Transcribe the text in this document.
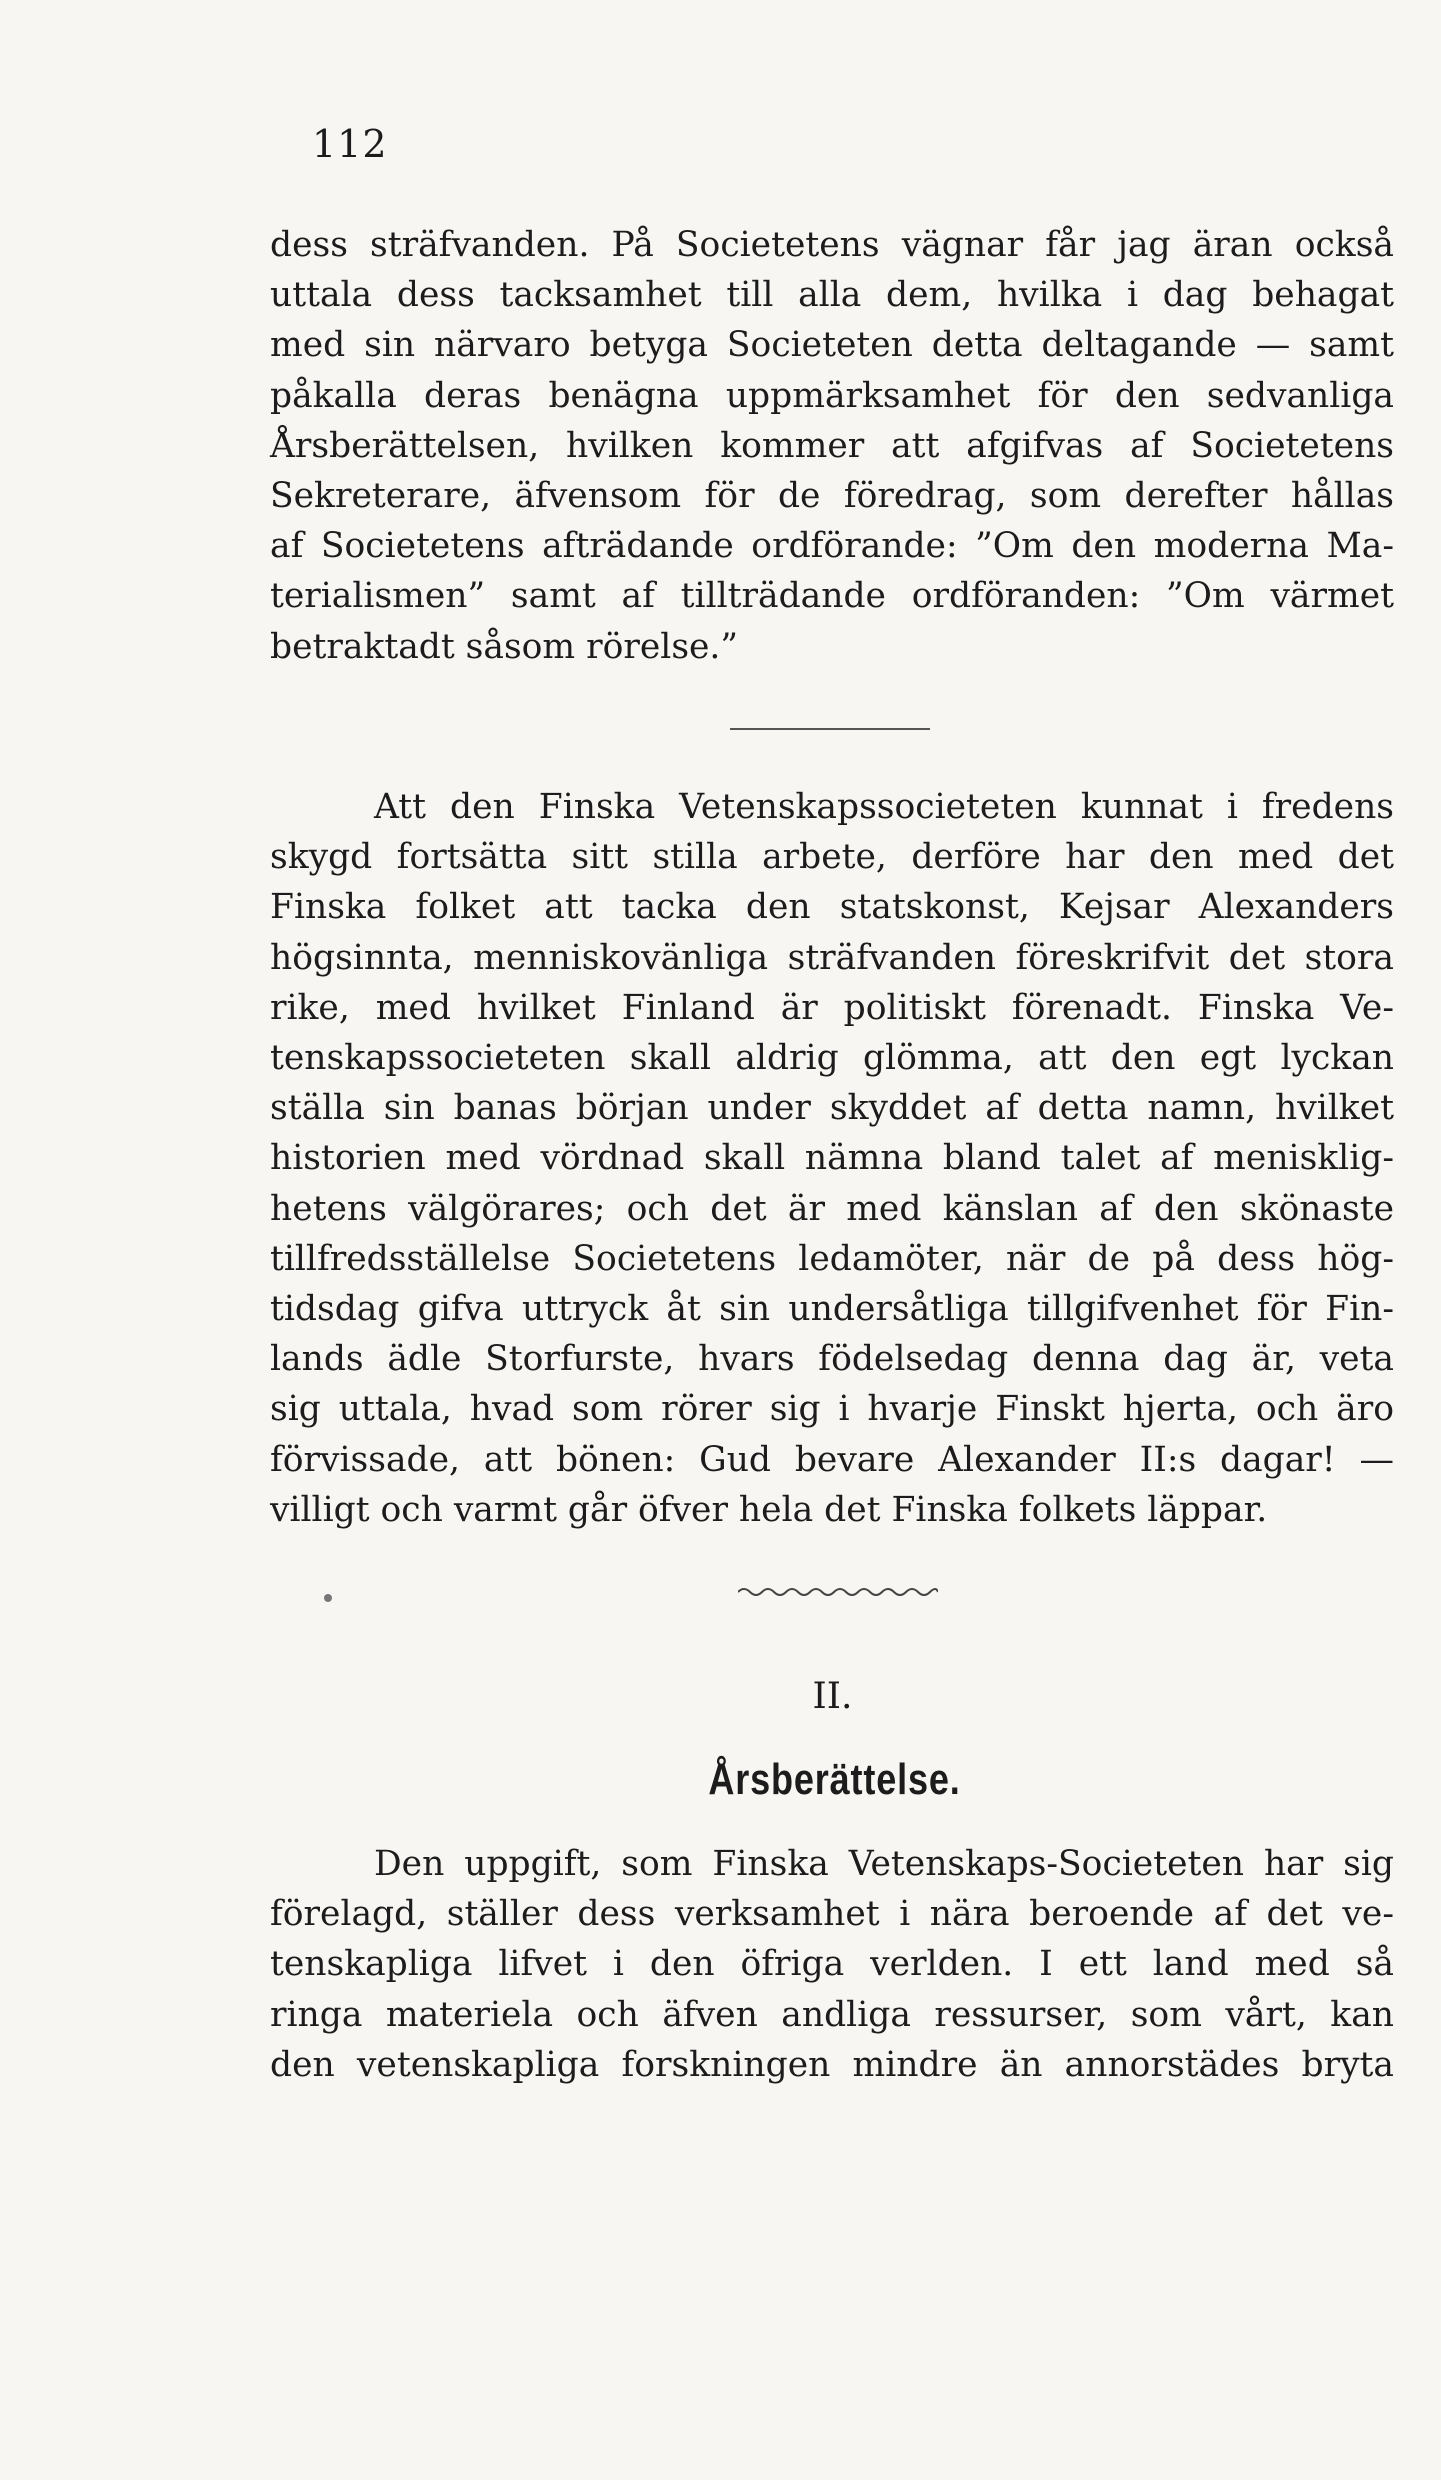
112
dess sträfvanden. På Societetens vägnar får jag äran också
uttala dess tacksamhet till alla dem, hvilka i dag behagat
med sin närvaro betyga Societeten detta deltagande — samt
påkalla deras benägna uppmärksamhet för den sedvanliga
Årsberättelsen, hvilken kommer att afgifvas af Societetens
Sekreterare, äfvensom för de föredrag, som derefter hållas
af Societetens afträdande ordförande: ”Om den moderna Ma-
terialismen” samt af tillträdande ordföranden: ”Om värmet
betraktadt såsom rörelse.”
Att den Finska Vetenskapssocieteten kunnat i fredens
skygd fortsätta sitt stilla arbete, derföre har den med det
Finska folket att tacka den statskonst, Kejsar Alexanders
högsinnta, menniskovänliga sträfvanden föreskrifvit det stora
rike, med hvilket Finland är politiskt förenadt. Finska Ve-
tenskapssocieteten skall aldrig glömma, att den egt lyckan
ställa sin banas början under skyddet af detta namn, hvilket
historien med vördnad skall nämna bland talet af menisklig-
hetens välgörares; och det är med känslan af den skönaste
tillfredsställelse Societetens ledamöter, när de på dess hög-
tidsdag gifva uttryck åt sin undersåtliga tillgifvenhet för Fin-
lands ädle Storfurste, hvars födelsedag denna dag är, veta
sig uttala, hvad som rörer sig i hvarje Finskt hjerta, och äro
förvissade, att bönen: Gud bevare Alexander II:s dagar! —
villigt och varmt går öfver hela det Finska folkets läppar.
II.
Årsberättelse.
Den uppgift, som Finska Vetenskaps-Societeten har sig
förelagd, ställer dess verksamhet i nära beroende af det ve-
tenskapliga lifvet i den öfriga verlden. I ett land med så
ringa materiela och äfven andliga ressurser, som vårt, kan
den vetenskapliga forskningen mindre än annorstädes bryta
